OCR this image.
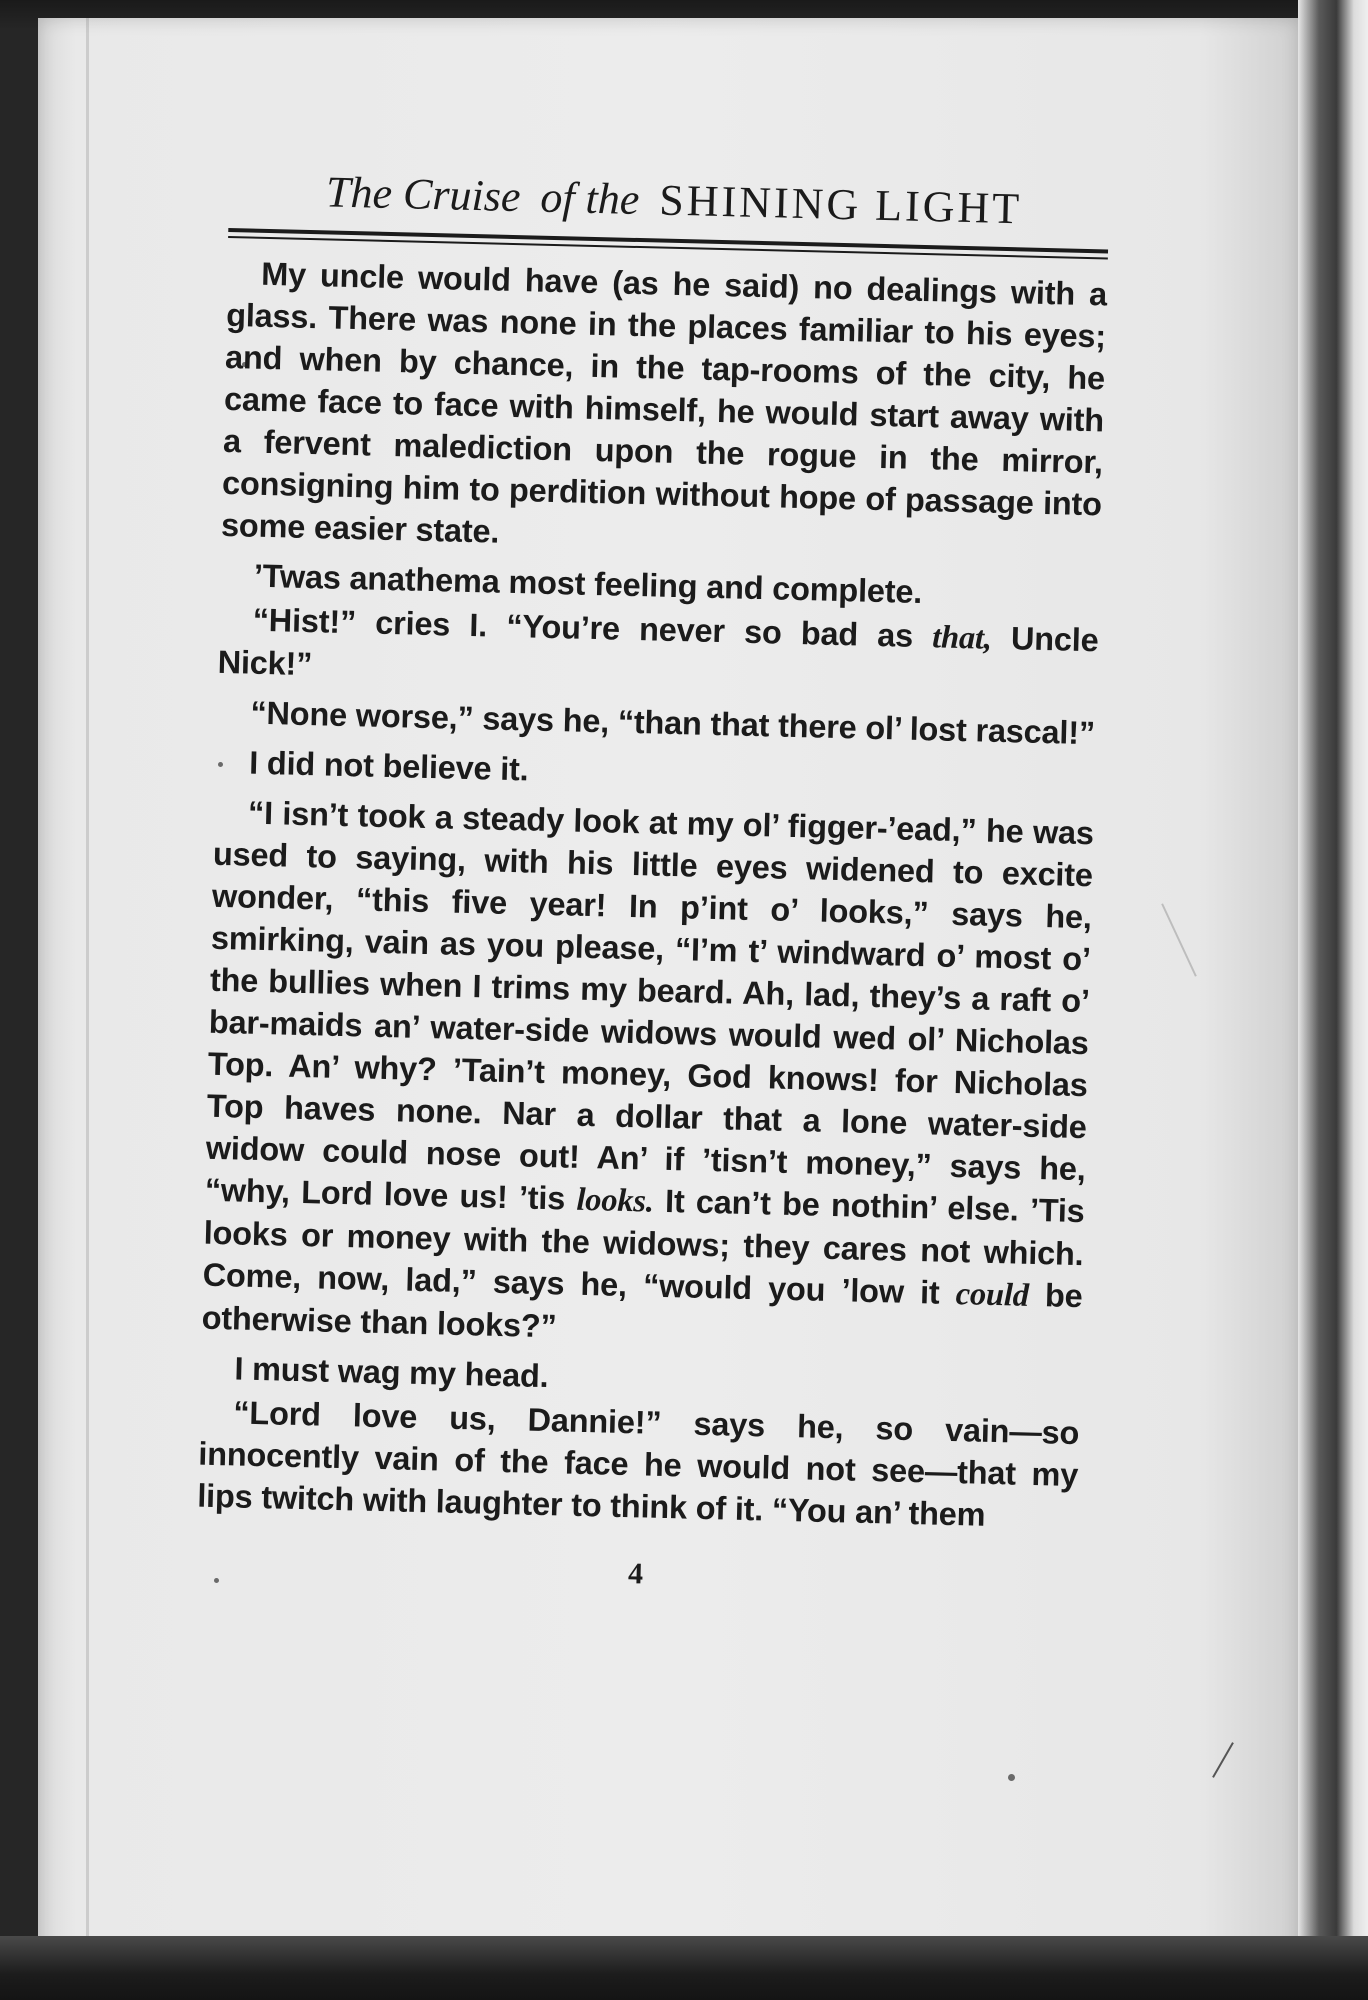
The Cruise of the SHINING LIGHT

My uncle would have (as he said) no dealings with a glass. There was none in the places familiar to his eyes; and when by chance, in the tap-rooms of the city, he came face to face with himself, he would start away with a fervent malediction upon the rogue in the mirror, consigning him to perdition without hope of passage into some easier state.

’Twas anathema most feeling and complete.

“Hist!” cries I. “You’re never so bad as that, Uncle Nick!”

“None worse,” says he, “than that there ol’ lost rascal!”

I did not believe it.

“I isn’t took a steady look at my ol’ figger-’ead,” he was used to saying, with his little eyes widened to excite wonder, “this five year! In p’int o’ looks,” says he, smirking, vain as you please, “I’m t’ windward o’ most o’ the bullies when I trims my beard. Ah, lad, they’s a raft o’ bar-maids an’ water-side widows would wed ol’ Nicholas Top. An’ why? ’Tain’t money, God knows! for Nicholas Top haves none. Nar a dollar that a lone water-side widow could nose out! An’ if ’tisn’t money,” says he, “why, Lord love us! ’tis looks. It can’t be nothin’ else. ’Tis looks or money with the widows; they cares not which. Come, now, lad,” says he, “would you ’low it could be otherwise than looks?”

I must wag my head.

“Lord love us, Dannie!” says he, so vain—so innocently vain of the face he would not see—that my lips twitch with laughter to think of it. “You an’ them

4
